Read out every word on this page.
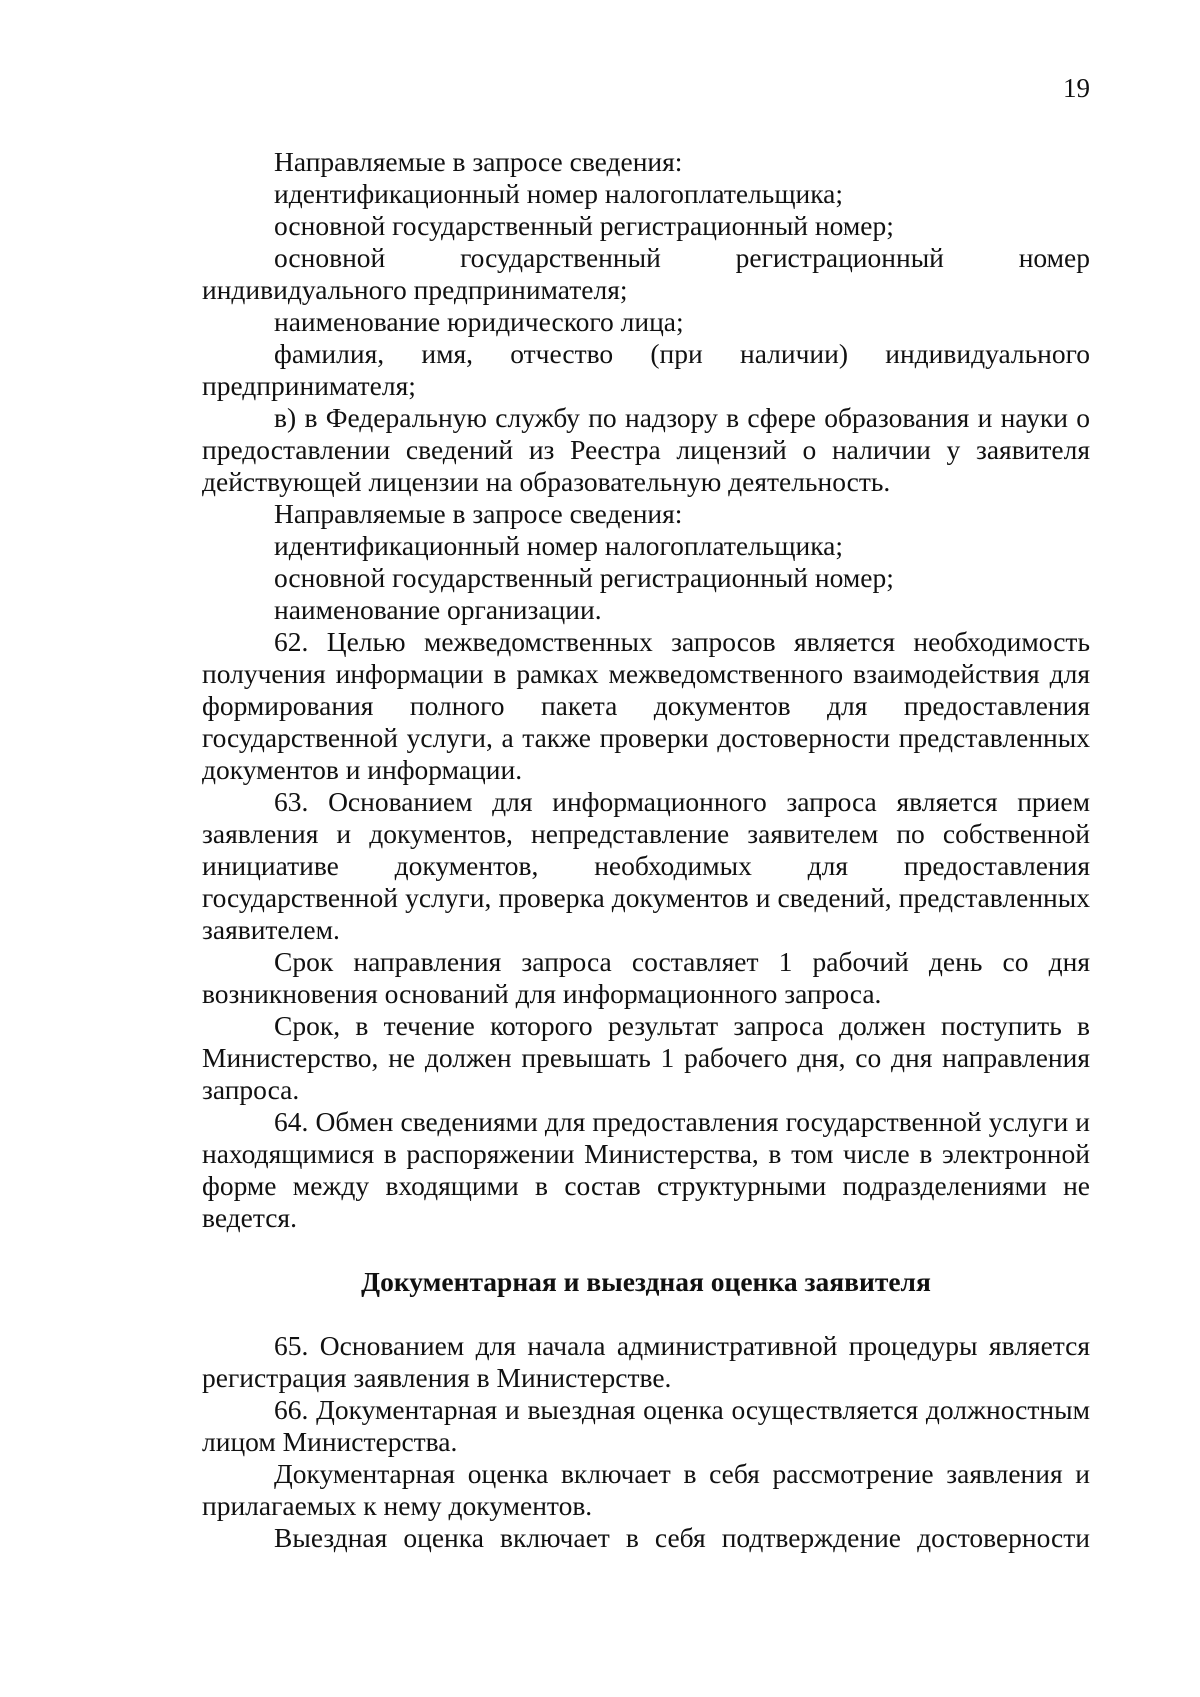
19

Направляемые в запросе сведения:

идентификационный номер налогоплательщика;

основной государственный регистрационный номер;

основной государственный регистрационный номер индивидуального предпринимателя;

наименование юридического лица;

фамилия, имя, отчество (при наличии) индивидуального предпринимателя;

в) в Федеральную службу по надзору в сфере образования и науки о предоставлении сведений из Реестра лицензий о наличии у заявителя действующей лицензии на образовательную деятельность.

Направляемые в запросе сведения:

идентификационный номер налогоплательщика;

основной государственный регистрационный номер;

наименование организации.

62. Целью межведомственных запросов является необходимость получения информации в рамках межведомственного взаимодействия для формирования полного пакета документов для предоставления государственной услуги, а также проверки достоверности представленных документов и информации.

63. Основанием для информационного запроса является прием заявления и документов, непредставление заявителем по собственной инициативе документов, необходимых для предоставления государственной услуги, проверка документов и сведений, представленных заявителем.

Срок направления запроса составляет 1 рабочий день со дня возникновения оснований для информационного запроса.

Срок, в течение которого результат запроса должен поступить в Министерство, не должен превышать 1 рабочего дня, со дня направления запроса.

64. Обмен сведениями для предоставления государственной услуги и находящимися в распоряжении Министерства, в том числе в электронной форме между входящими в состав структурными подразделениями не ведется.

Документарная и выездная оценка заявителя

65. Основанием для начала административной процедуры является регистрация заявления в Министерстве.

66. Документарная и выездная оценка осуществляется должностным лицом Министерства.

Документарная оценка включает в себя рассмотрение заявления и прилагаемых к нему документов.

Выездная оценка включает в себя подтверждение достоверности
